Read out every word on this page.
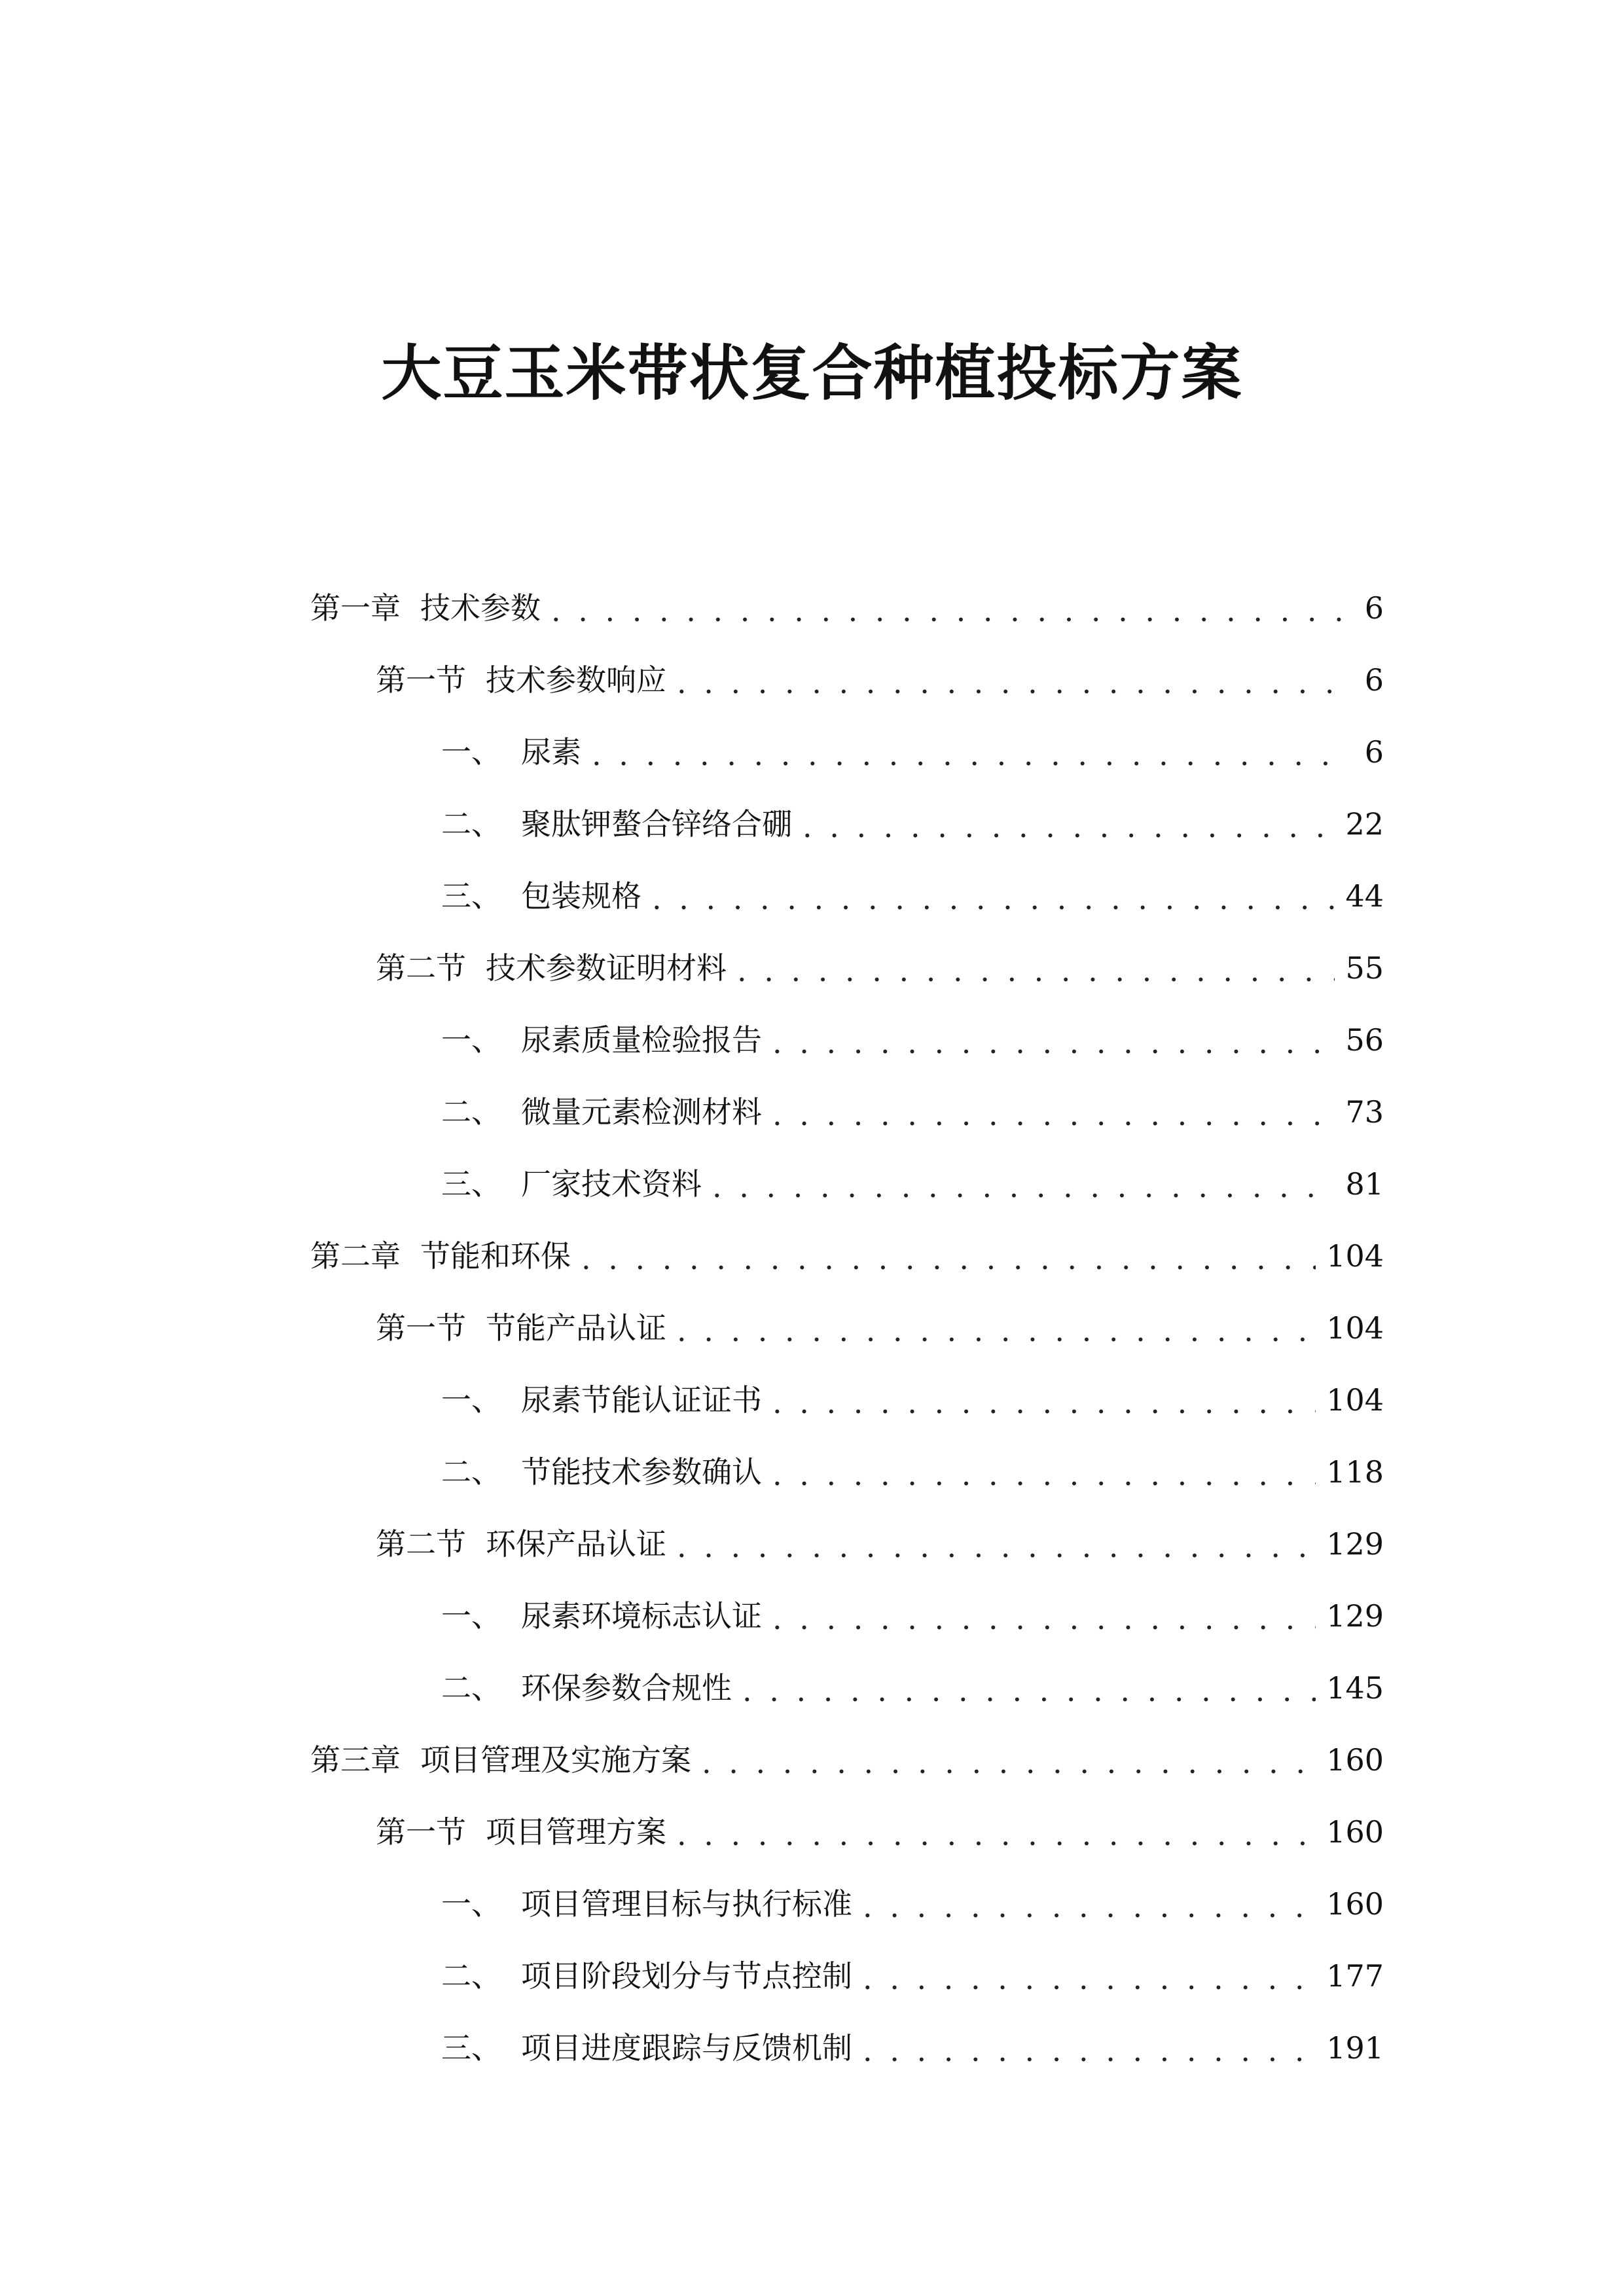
大豆玉米带状复合种植投标方案
第一章 技术参数 . . .	6
第一节 技术参数响应 . . .	6
一、 尿素 . . .	6
二、 聚肽钾螯合锌络合硼 . . .	22
三、 包装规格 . . .	44
第二节 技术参数证明材料 . . .	55
一、 尿素质量检验报告 . . .	56
二、 微量元素检测材料 . . .	73
三、 厂家技术资料 . . .	81
第二章 节能和环保 . . .	104
第一节 节能产品认证 . . .	104
一、 尿素节能认证证书 . . .	104
二、 节能技术参数确认 . . .	118
第二节 环保产品认证 . . .	129
一、 尿素环境标志认证 . . .	129
二、 环保参数合规性 . . .	145
第三章 项目管理及实施方案 . . .	160
第一节 项目管理方案 . . .	160
一、 项目管理目标与执行标准 . . .	160
二、 项目阶段划分与节点控制 . . .	177
三、 项目进度跟踪与反馈机制 . . .	191
